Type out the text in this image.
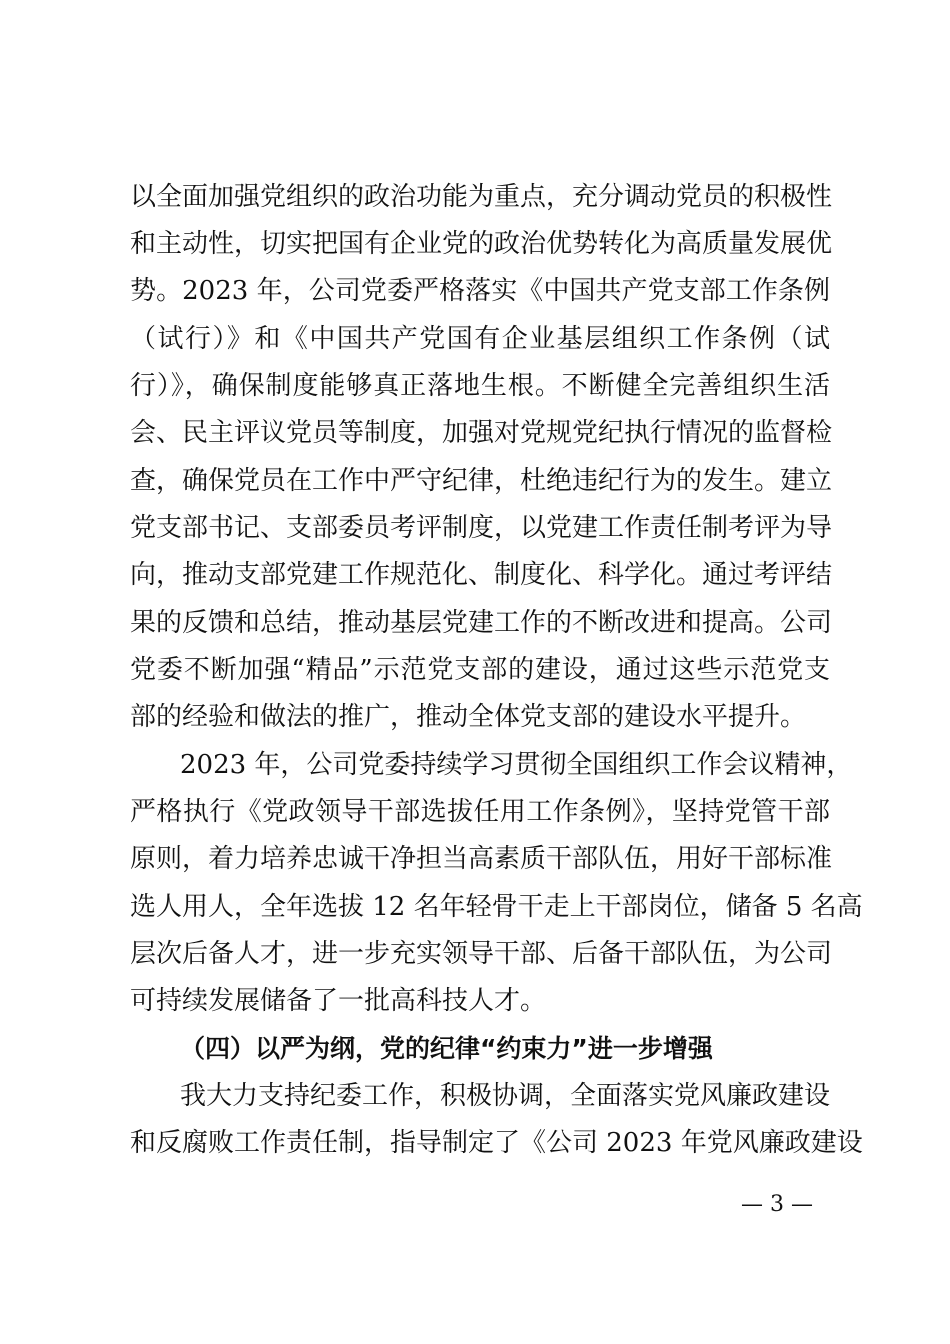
以全面加强党组织的政治功能为重点，充分调动党员的积极性
和主动性，切实把国有企业党的政治优势转化为高质量发展优
势。2023 年，公司党委严格落实《中国共产党支部工作条例
（试行）》和《中国共产党国有企业基层组织工作条例（试
行）》，确保制度能够真正落地生根。不断健全完善组织生活
会、民主评议党员等制度，加强对党规党纪执行情况的监督检
查，确保党员在工作中严守纪律，杜绝违纪行为的发生。建立
党支部书记、支部委员考评制度，以党建工作责任制考评为导
向，推动支部党建工作规范化、制度化、科学化。通过考评结
果的反馈和总结，推动基层党建工作的不断改进和提高。公司
党委不断加强“精品”示范党支部的建设，通过这些示范党支
部的经验和做法的推广，推动全体党支部的建设水平提升。
2023 年，公司党委持续学习贯彻全国组织工作会议精神，
严格执行《党政领导干部选拔任用工作条例》，坚持党管干部
原则，着力培养忠诚干净担当高素质干部队伍，用好干部标准
选人用人，全年选拔 12 名年轻骨干走上干部岗位，储备 5 名高
层次后备人才，进一步充实领导干部、后备干部队伍，为公司
可持续发展储备了一批高科技人才。
（四）以严为纲，党的纪律“约束力”进一步增强
我大力支持纪委工作，积极协调，全面落实党风廉政建设
和反腐败工作责任制，指导制定了《公司 2023 年党风廉政建设
— 3 —
